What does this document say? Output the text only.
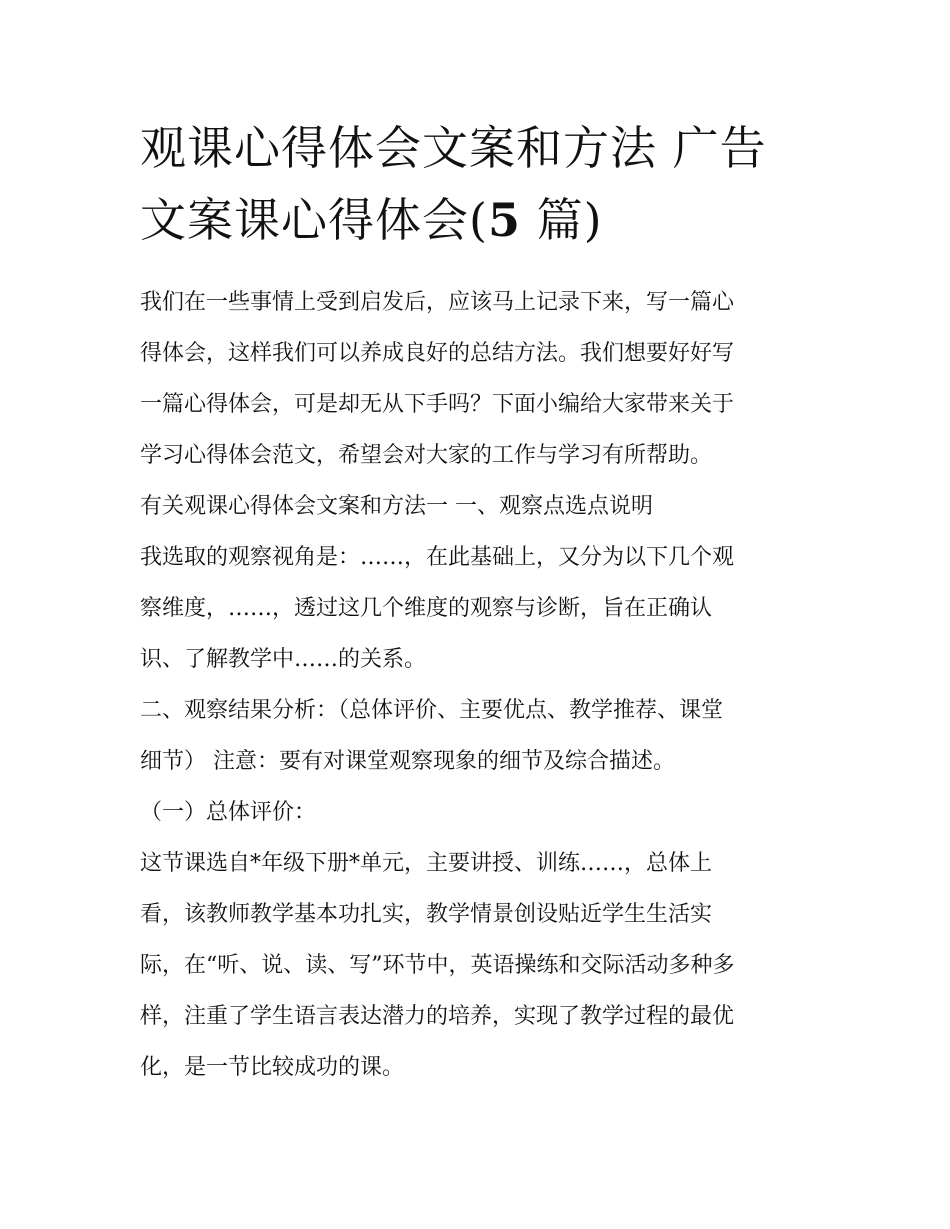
观课心得体会文案和方法 广告
文案课心得体会(5 篇)

我们在一些事情上受到启发后，应该马上记录下来，写一篇心
得体会，这样我们可以养成良好的总结方法。我们想要好好写
一篇心得体会，可是却无从下手吗？下面小编给大家带来关于
学习心得体会范文，希望会对大家的工作与学习有所帮助。

有关观课心得体会文案和方法一 一、观察点选点说明

我选取的观察视角是：……，在此基础上，又分为以下几个观
察维度，……，透过这几个维度的观察与诊断，旨在正确认
识、了解教学中……的关系。

二、观察结果分析：（总体评价、主要优点、教学推荐、课堂
细节） 注意：要有对课堂观察现象的细节及综合描述。

（一）总体评价：

这节课选自*年级下册*单元，主要讲授、训练……，总体上
看，该教师教学基本功扎实，教学情景创设贴近学生生活实
际，在“听、说、读、写”环节中，英语操练和交际活动多种多
样，注重了学生语言表达潜力的培养，实现了教学过程的最优
化，是一节比较成功的课。
